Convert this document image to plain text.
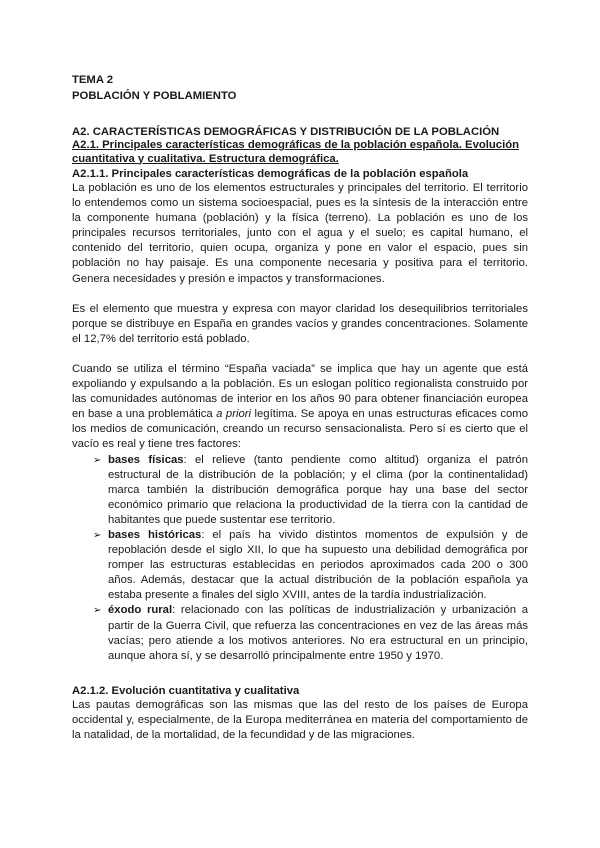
TEMA 2
POBLACIÓN Y POBLAMIENTO
A2. CARACTERÍSTICAS DEMOGRÁFICAS Y DISTRIBUCIÓN DE LA POBLACIÓN
A2.1. Principales características demográficas de la población española. Evolución cuantitativa y cualitativa. Estructura demográfica.
A2.1.1. Principales características demográficas de la población española

La población es uno de los elementos estructurales y principales del territorio. El territorio lo entendemos como un sistema socioespacial, pues es la síntesis de la interacción entre la componente humana (población) y la física (terreno). La población es uno de los principales recursos territoriales, junto con el agua y el suelo; es capital humano, el contenido del territorio, quien ocupa, organiza y pone en valor el espacio, pues sin población no hay paisaje. Es una componente necesaria y positiva para el territorio. Genera necesidades y presión e impactos y transformaciones.

Es el elemento que muestra y expresa con mayor claridad los desequilibrios territoriales porque se distribuye en España en grandes vacíos y grandes concentraciones. Solamente el 12,7% del territorio está poblado.

Cuando se utiliza el término “España vaciada” se implica que hay un agente que está expoliando y expulsando a la población. Es un eslogan político regionalista construido por las comunidades autónomas de interior en los años 90 para obtener financiación europea en base a una problemática a priori legítima. Se apoya en unas estructuras eficaces como los medios de comunicación, creando un recurso sensacionalista. Pero sí es cierto que el vacío es real y tiene tres factores:

➢ bases físicas: el relieve (tanto pendiente como altitud) organiza el patrón estructural de la distribución de la población; y el clima (por la continentalidad) marca también la distribución demográfica porque hay una base del sector económico primario que relaciona la productividad de la tierra con la cantidad de habitantes que puede sustentar ese territorio.
➢ bases históricas: el país ha vivido distintos momentos de expulsión y de repoblación desde el siglo XII, lo que ha supuesto una debilidad demográfica por romper las estructuras establecidas en periodos aproximados cada 200 o 300 años. Además, destacar que la actual distribución de la población española ya estaba presente a finales del siglo XVIII, antes de la tardía industrialización.
➢ éxodo rural: relacionado con las políticas de industrialización y urbanización a partir de la Guerra Civil, que refuerza las concentraciones en vez de las áreas más vacías; pero atiende a los motivos anteriores. No era estructural en un principio, aunque ahora sí, y se desarrolló principalmente entre 1950 y 1970.
A2.1.2. Evolución cuantitativa y cualitativa

Las pautas demográficas son las mismas que las del resto de los países de Europa occidental y, especialmente, de la Europa mediterránea en materia del comportamiento de la natalidad, de la mortalidad, de la fecundidad y de las migraciones.
